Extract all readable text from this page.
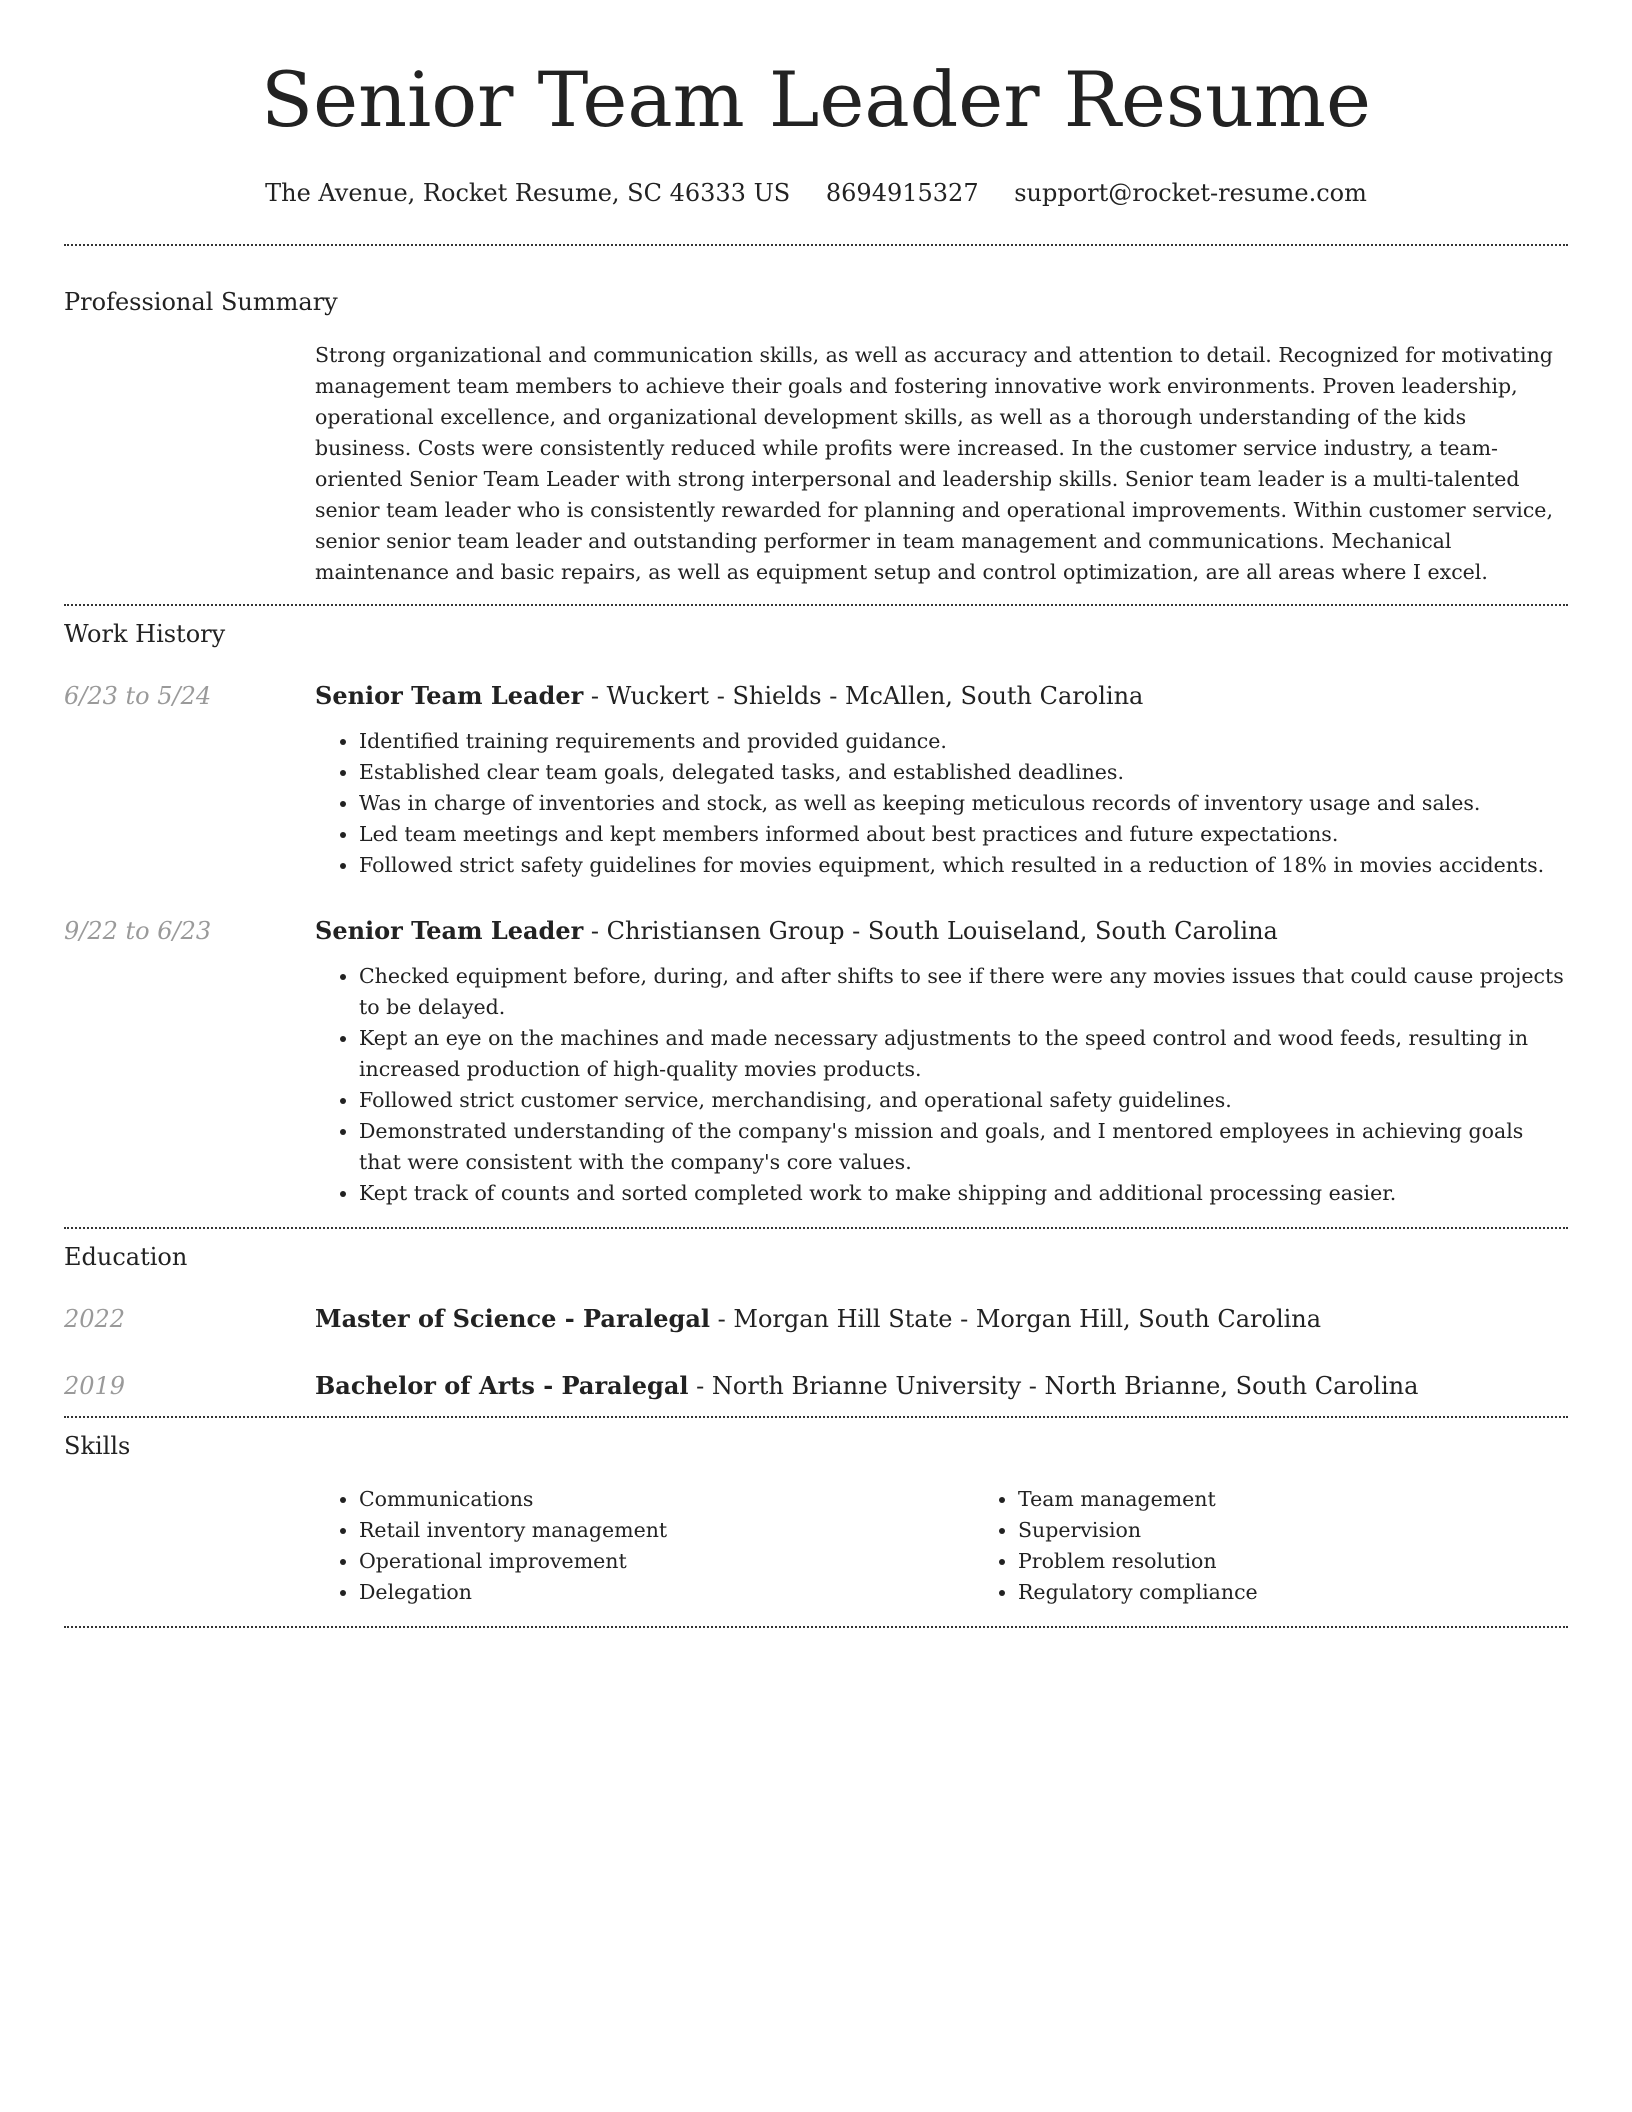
Senior Team Leader Resume
The Avenue, Rocket Resume, SC 46333 US 8694915327 support@rocket-resume.com
Professional Summary

Strong organizational and communication skills, as well as accuracy and attention to detail. Recognized for motivating management team members to achieve their goals and fostering innovative work environments. Proven leadership, operational excellence, and organizational development skills, as well as a thorough understanding of the kids business. Costs were consistently reduced while profits were increased. In the customer service industry, a team-oriented Senior Team Leader with strong interpersonal and leadership skills. Senior team leader is a multi-talented senior team leader who is consistently rewarded for planning and operational improvements. Within customer service, senior senior team leader and outstanding performer in team management and communications. Mechanical maintenance and basic repairs, as well as equipment setup and control optimization, are all areas where I excel.

Work History
6/23 to 5/24	Senior Team Leader - Wuckert - Shields - McAllen, South Carolina

• Identified training requirements and provided guidance.
• Established clear team goals, delegated tasks, and established deadlines.
• Was in charge of inventories and stock, as well as keeping meticulous records of inventory usage and sales.
• Led team meetings and kept members informed about best practices and future expectations.
• Followed strict safety guidelines for movies equipment, which resulted in a reduction of 18% in movies accidents.
9/22 to 6/23	Senior Team Leader - Christiansen Group - South Louiseland, South Carolina

• Checked equipment before, during, and after shifts to see if there were any movies issues that could cause projects to be delayed.
• Kept an eye on the machines and made necessary adjustments to the speed control and wood feeds, resulting in increased production of high-quality movies products.
• Followed strict customer service, merchandising, and operational safety guidelines.
• Demonstrated understanding of the company's mission and goals, and I mentored employees in achieving goals that were consistent with the company's core values.
• Kept track of counts and sorted completed work to make shipping and additional processing easier.
Education
2022	Master of Science - Paralegal - Morgan Hill State - Morgan Hill, South Carolina

2019	Bachelor of Arts - Paralegal - North Brianne University - North Brianne, South Carolina

Skills
• Communications
• Retail inventory management
• Operational improvement
• Delegation
• Team management
• Supervision
• Problem resolution
• Regulatory compliance
